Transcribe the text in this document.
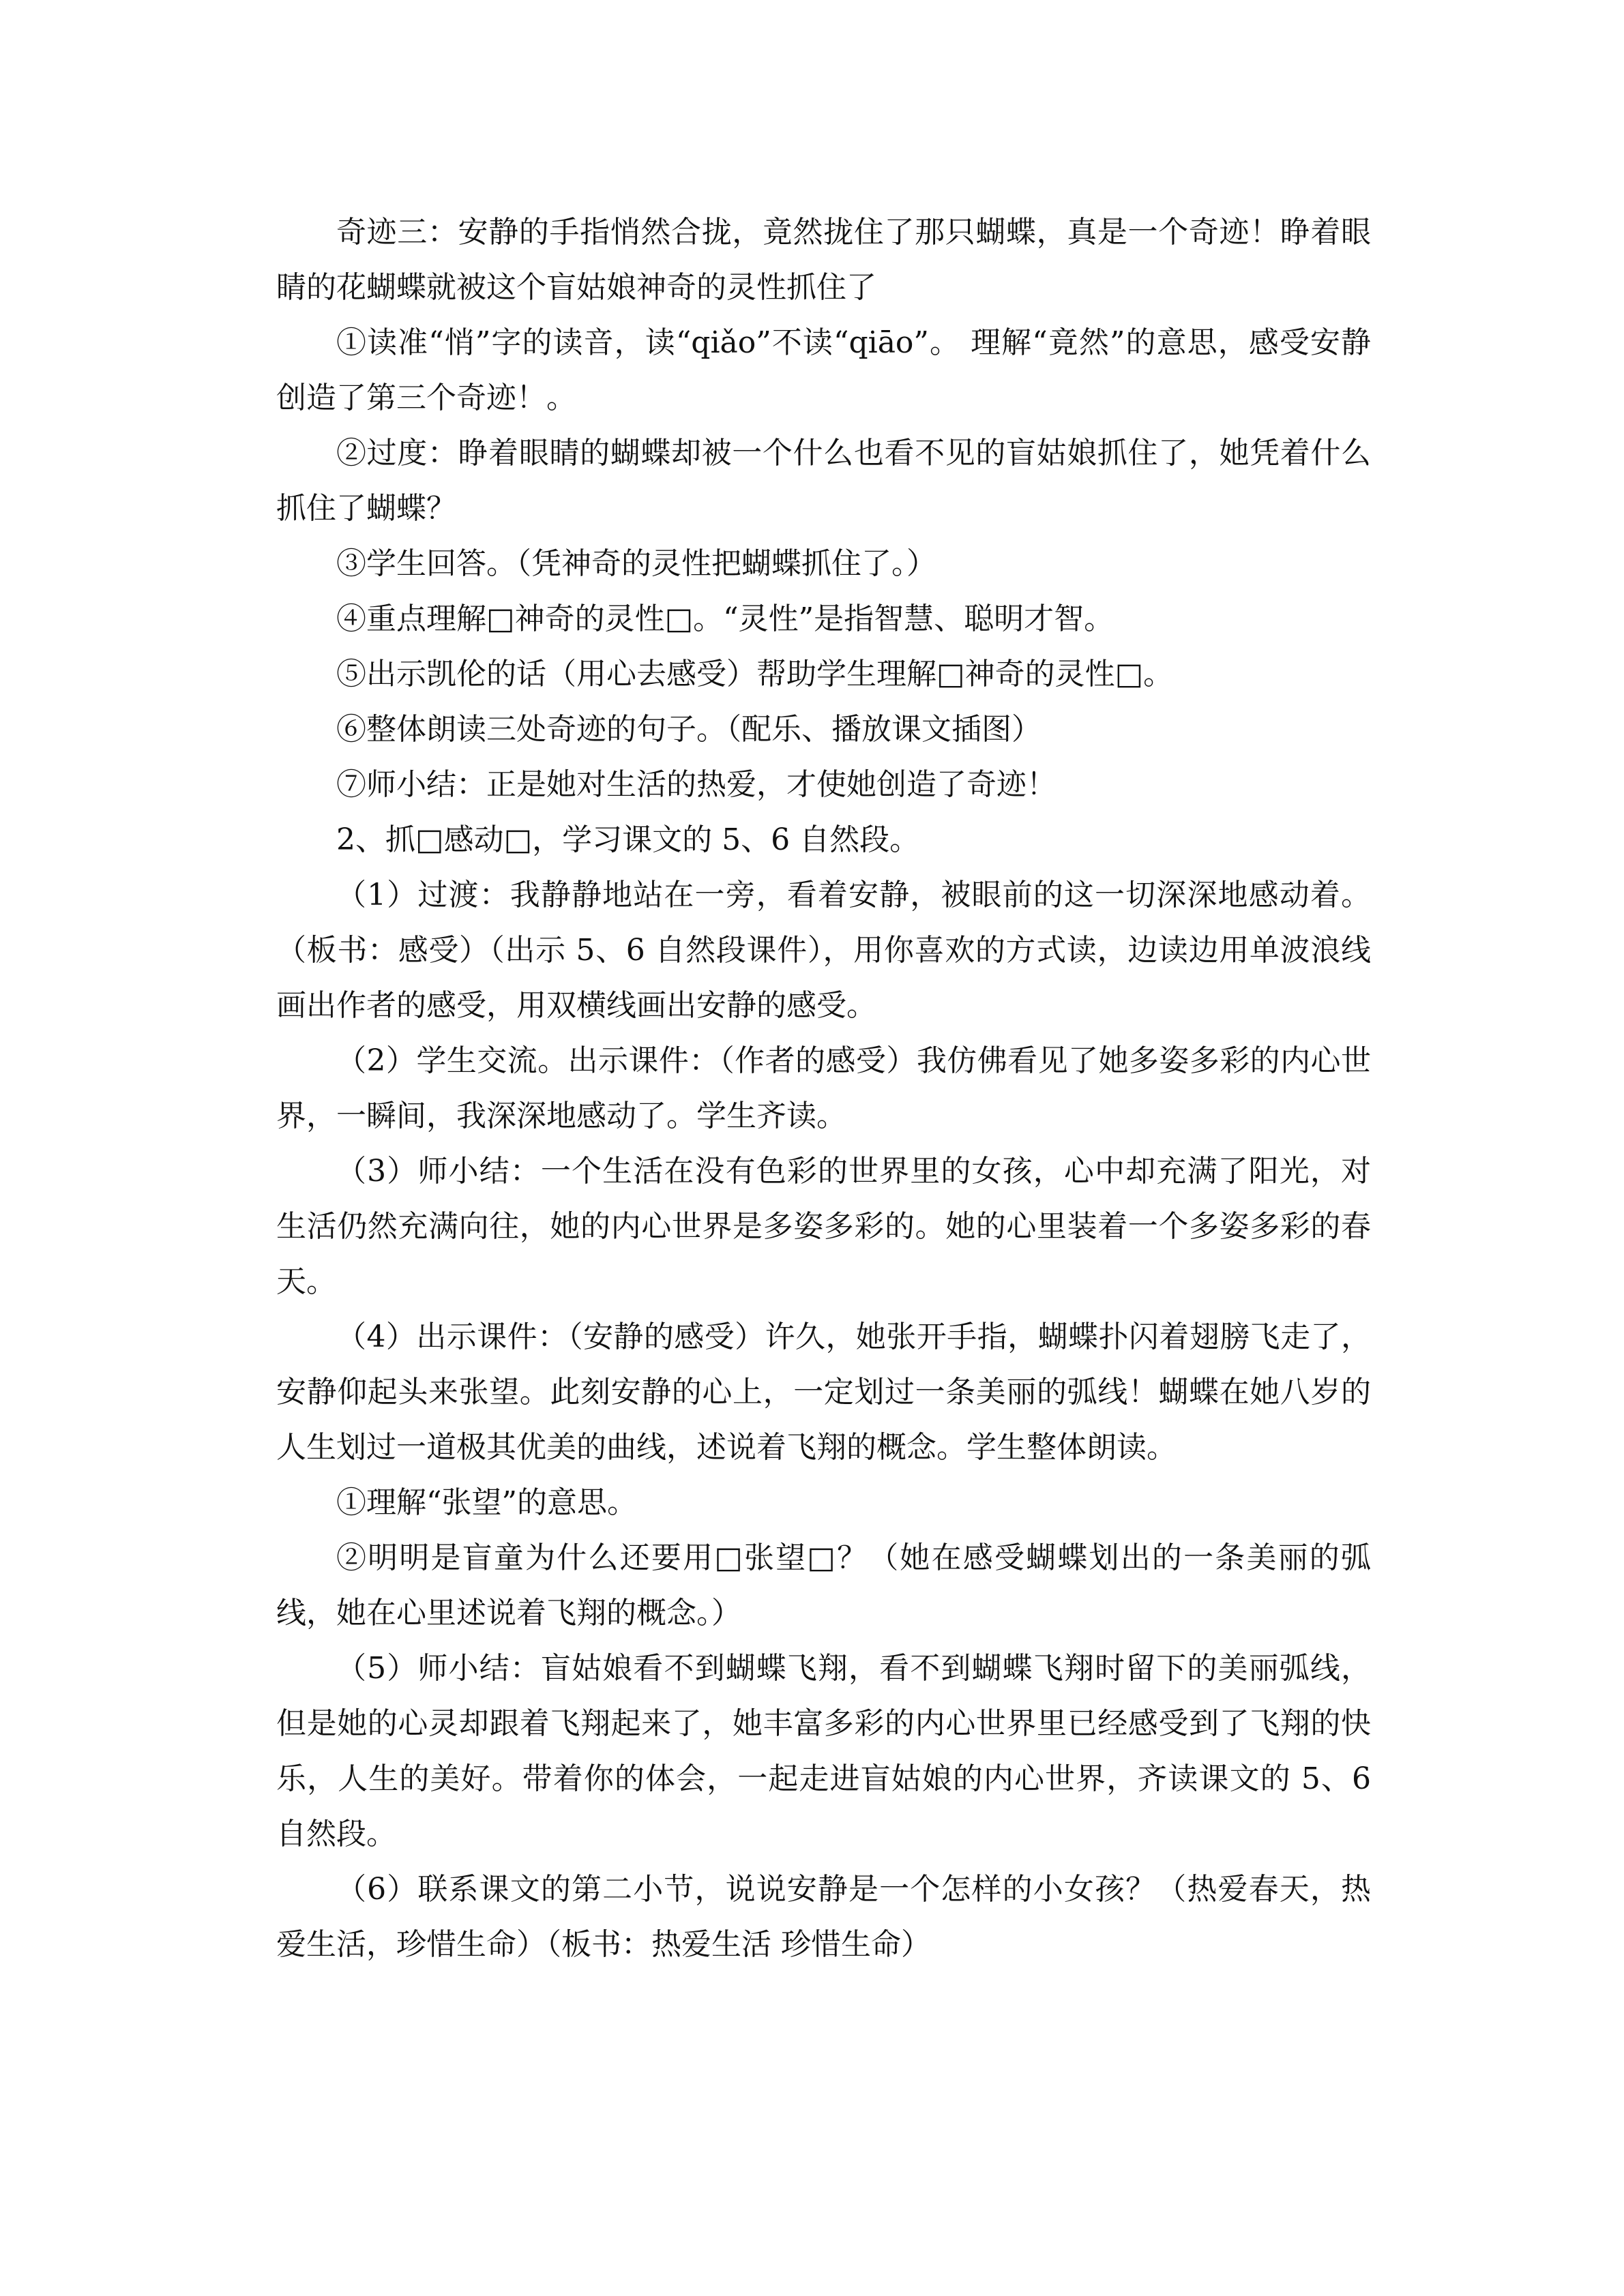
奇迹三：安静的手指悄然合拢，竟然拢住了那只蝴蝶，真是一个奇迹！睁着眼睛的花蝴蝶就被这个盲姑娘神奇的灵性抓住了

①读准“悄”字的读音，读“qiǎo”不读“qiāo”。 理解“竟然”的意思，感受安静创造了第三个奇迹！。

②过度：睁着眼睛的蝴蝶却被一个什么也看不见的盲姑娘抓住了，她凭着什么抓住了蝴蝶？

③学生回答。（凭神奇的灵性把蝴蝶抓住了。）

④重点理解□神奇的灵性□。“灵性”是指智慧、聪明才智。

⑤出示凯伦的话（用心去感受）帮助学生理解□神奇的灵性□。

⑥整体朗读三处奇迹的句子。（配乐、播放课文插图）

⑦师小结：正是她对生活的热爱，才使她创造了奇迹！

2、抓□感动□，学习课文的 5、6 自然段。

（1）过渡：我静静地站在一旁，看着安静，被眼前的这一切深深地感动着。（板书：感受）（出示 5、6 自然段课件），用你喜欢的方式读，边读边用单波浪线画出作者的感受，用双横线画出安静的感受。

（2）学生交流。出示课件：（作者的感受）我仿佛看见了她多姿多彩的内心世界，一瞬间，我深深地感动了。学生齐读。

（3）师小结：一个生活在没有色彩的世界里的女孩，心中却充满了阳光，对生活仍然充满向往，她的内心世界是多姿多彩的。她的心里装着一个多姿多彩的春天。

（4）出示课件：（安静的感受）许久，她张开手指，蝴蝶扑闪着翅膀飞走了，安静仰起头来张望。此刻安静的心上，一定划过一条美丽的弧线！蝴蝶在她八岁的人生划过一道极其优美的曲线，述说着飞翔的概念。学生整体朗读。

①理解“张望”的意思。

②明明是盲童为什么还要用□张望□？（她在感受蝴蝶划出的一条美丽的弧线，她在心里述说着飞翔的概念。）

（5）师小结：盲姑娘看不到蝴蝶飞翔，看不到蝴蝶飞翔时留下的美丽弧线，但是她的心灵却跟着飞翔起来了，她丰富多彩的内心世界里已经感受到了飞翔的快乐，人生的美好。带着你的体会，一起走进盲姑娘的内心世界，齐读课文的 5、6 自然段。

（6）联系课文的第二小节，说说安静是一个怎样的小女孩？（热爱春天，热爱生活，珍惜生命）（板书：热爱生活 珍惜生命）
